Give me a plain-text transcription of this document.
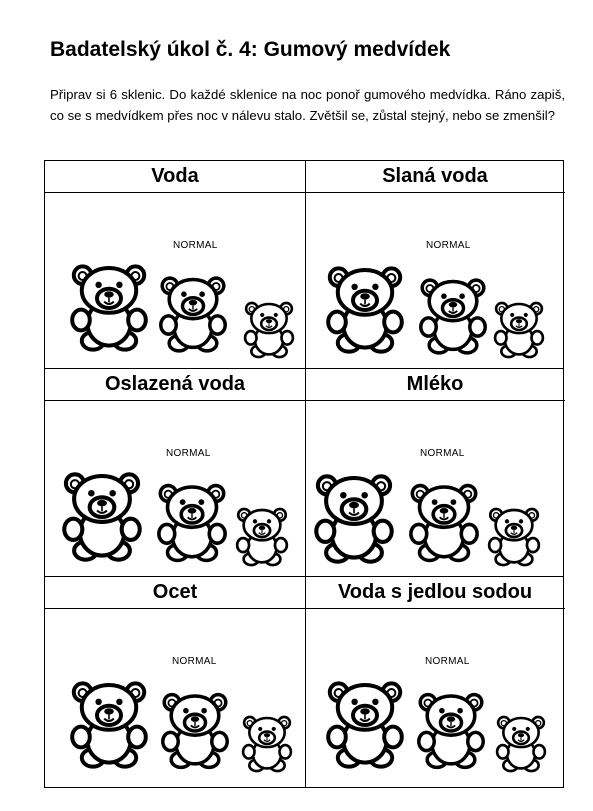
Badatelský úkol č. 4: Gumový medvídek
Připrav si 6 sklenic. Do každé sklenice na noc ponoř gumového medvídka. Ráno zapiš, co se s medvídkem přes noc v nálevu stalo. Zvětšil se, zůstal stejný, nebo se zmenšil?
Voda
NORMAL
Slaná voda
NORMAL
Oslazená voda
NORMAL
Mléko
NORMAL
Ocet
NORMAL
Voda s jedlou sodou
NORMAL
